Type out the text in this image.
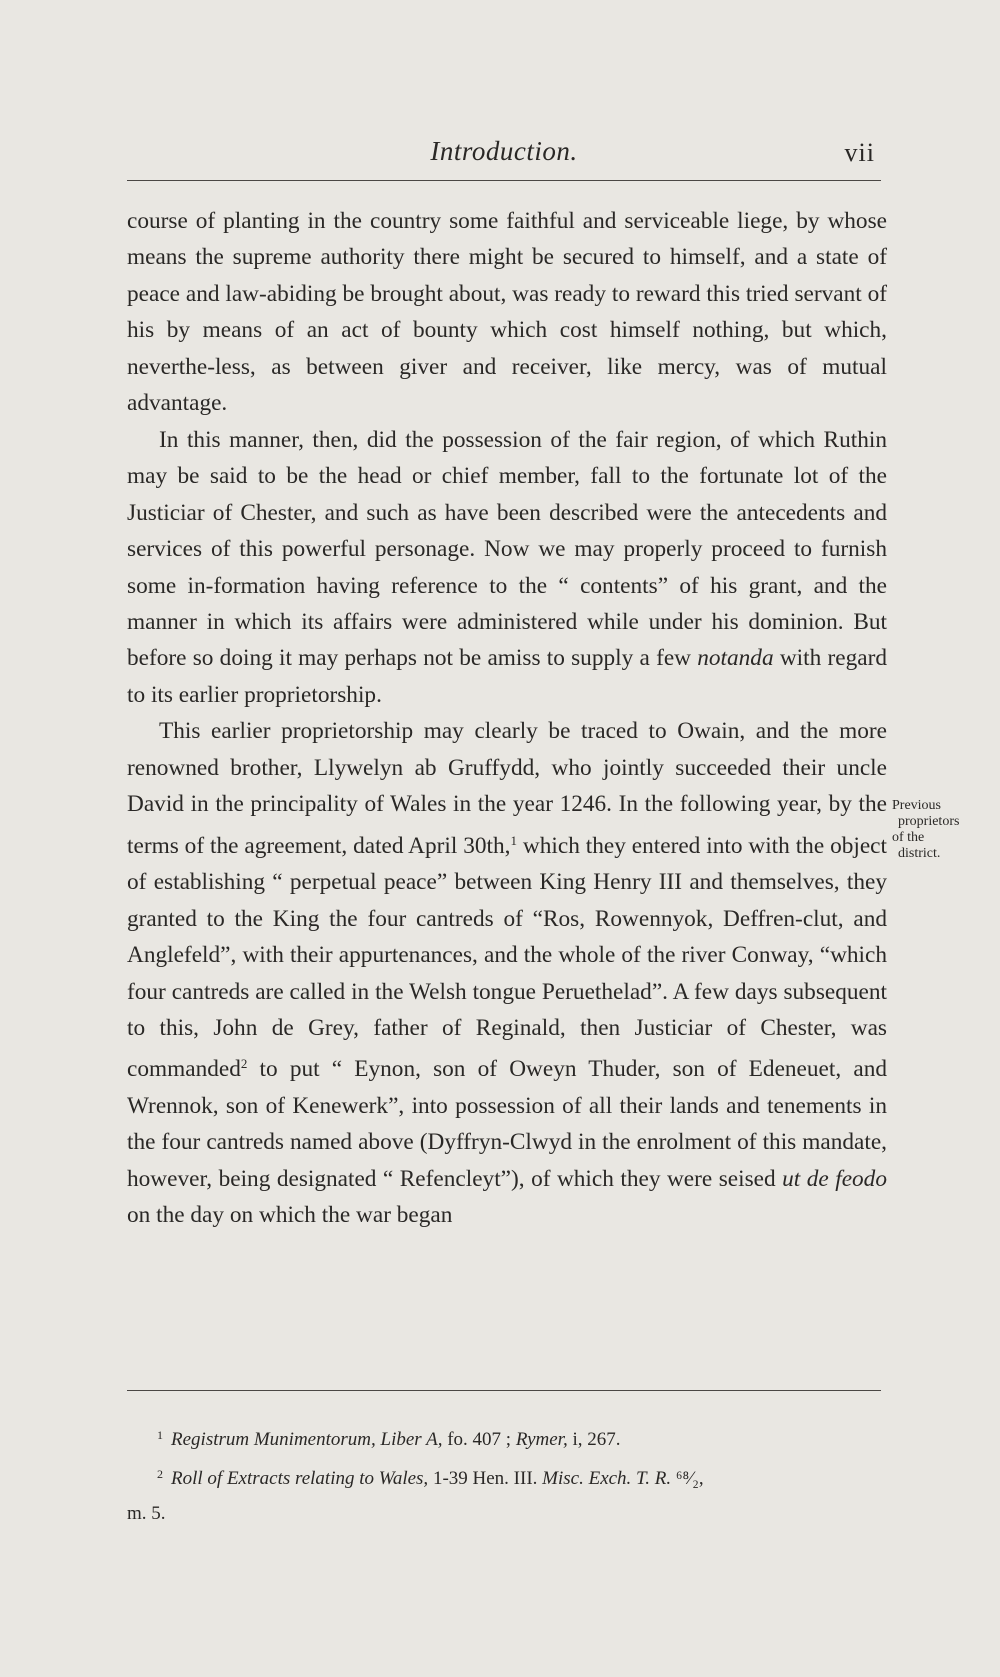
Introduction.	vii

course of planting in the country some faithful and serviceable liege, by whose means the supreme authority there might be secured to himself, and a state of peace and law-abiding be brought about, was ready to reward this tried servant of his by means of an act of bounty which cost himself nothing, but which, neverthe-less, as between giver and receiver, like mercy, was of mutual advantage.

In this manner, then, did the possession of the fair region, of which Ruthin may be said to be the head or chief member, fall to the fortunate lot of the Justiciar of Chester, and such as have been described were the antecedents and services of this powerful personage. Now we may properly proceed to furnish some in-formation having reference to the “ contents” of his grant, and the manner in which its affairs were administered while under his dominion. But before so doing it may perhaps not be amiss to supply a few notanda with regard to its earlier proprietorship.

This earlier proprietorship may clearly be traced to Owain, and the more renowned brother, Llywelyn ab Gruffydd, who jointly succeeded their uncle David in the principality of Wales in the year 1246. In the following year, by the terms of the agreement, dated April 30th,$^1$ which they entered into with the object of establishing “ perpetual peace” between King Henry III and themselves, they granted to the King the four cantreds of “Ros, Rowennyok, Deffren-clut, and Anglefeld”, with their appurtenances, and the whole of the river Conway, “which four cantreds are called in the Welsh tongue Peruethelad”. A few days subsequent to this, John de Grey, father of Reginald, then Justiciar of Chester, was commanded$^2$ to put “ Eynon, son of Oweyn Thuder, son of Edeneuet, and Wrennok, son of Kenewerk”, into possession of all their lands and tenements in the four cantreds named above (Dyffryn-Clwyd in the enrolment of this mandate, however, being designated “ Refencleyt”), of which they were seised ut de feodo on the day on which the war began

Previous
proprietors
of the
district.

$^1$ Registrum Munimentorum, Liber A, fo. 407 ; Rymer, i, 267.

$^2$ Roll of Extracts relating to Wales, 1-39 Hen. III. Misc. Exch. T. R. ⁶⁸⁄₂,

m. 5.
